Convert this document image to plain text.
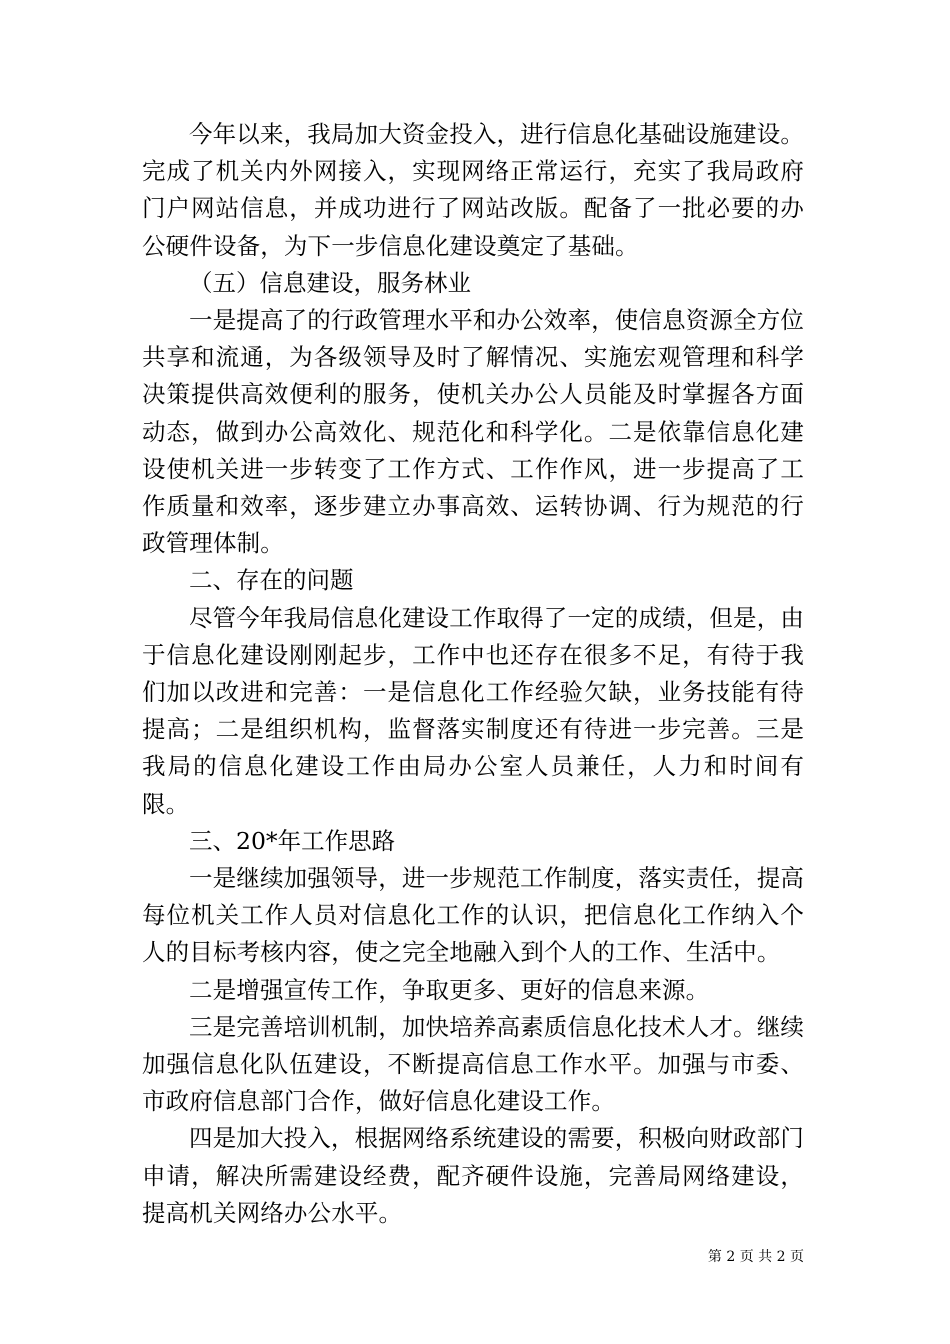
今年以来，我局加大资金投入，进行信息化基础设施建设。完成了机关内外网接入，实现网络正常运行，充实了我局政府门户网站信息，并成功进行了网站改版。配备了一批必要的办公硬件设备，为下一步信息化建设奠定了基础。

（五）信息建设，服务林业

一是提高了的行政管理水平和办公效率，使信息资源全方位共享和流通，为各级领导及时了解情况、实施宏观管理和科学决策提供高效便利的服务，使机关办公人员能及时掌握各方面动态，做到办公高效化、规范化和科学化。二是依靠信息化建设使机关进一步转变了工作方式、工作作风，进一步提高了工作质量和效率，逐步建立办事高效、运转协调、行为规范的行政管理体制。

二、存在的问题

尽管今年我局信息化建设工作取得了一定的成绩，但是，由于信息化建设刚刚起步，工作中也还存在很多不足，有待于我们加以改进和完善：一是信息化工作经验欠缺，业务技能有待提高；二是组织机构，监督落实制度还有待进一步完善。三是我局的信息化建设工作由局办公室人员兼任，人力和时间有限。

三、20*年工作思路

一是继续加强领导，进一步规范工作制度，落实责任，提高每位机关工作人员对信息化工作的认识，把信息化工作纳入个人的目标考核内容，使之完全地融入到个人的工作、生活中。

二是增强宣传工作，争取更多、更好的信息来源。

三是完善培训机制，加快培养高素质信息化技术人才。继续加强信息化队伍建设，不断提高信息工作水平。加强与市委、市政府信息部门合作，做好信息化建设工作。

四是加大投入，根据网络系统建设的需要，积极向财政部门申请，解决所需建设经费，配齐硬件设施，完善局网络建设，提高机关网络办公水平。

第 2 页 共 2 页
